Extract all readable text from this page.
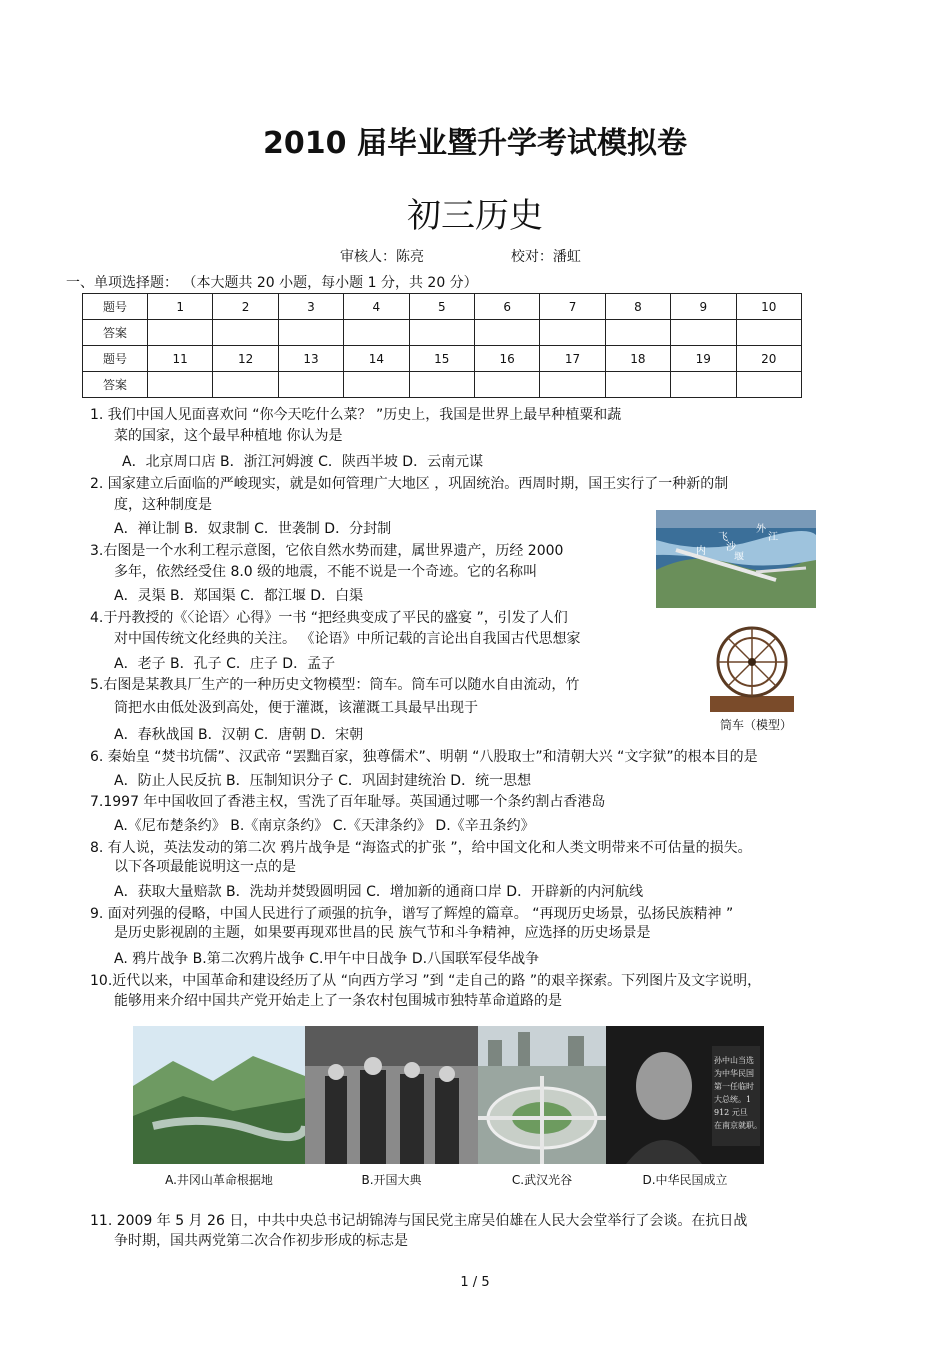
2010 届毕业暨升学考试模拟卷
初三历史
审核人：陈亮	校对：潘虹
一、单项选择题： （本大题共 20 小题，每小题 1 分，共 20 分）
题号	1	2	3	4	5	6	7	8	9	10
答案										
题号	11	12	13	14	15	16	17	18	19	20
答案										
1. 我们中国人见面喜欢问 “你今天吃什么菜？ ”历史上，我国是世界上最早种植粟和蔬
菜的国家，这个最早种植地 你认为是
A．北京周口店 B．浙江河姆渡 C．陕西半坡 D．云南元谋
2. 国家建立后面临的严峻现实，就是如何管理广大地区 ，巩固统治。西周时期，国王实行了一种新的制
度，这种制度是
A．禅让制 B．奴隶制 C．世袭制 D．分封制
3.右图是一个水利工程示意图，它依自然水势而建，属世界遗产，历经 2000
多年，依然经受住 8.0 级的地震，不能不说是一个奇迹。它的名称叫
A．灵渠 B．郑国渠 C．都江堰 D．白渠
4.于丹教授的《〈论语〉心得》一书 “把经典变成了平民的盛宴 ”，引发了人们
对中国传统文化经典的关注。 《论语》中所记载的言论出自我国古代思想家
A．老子 B．孔子 C．庄子 D．孟子
5.右图是某教具厂生产的一种历史文物模型：筒车。筒车可以随水自由流动，竹
筒把水由低处汲到高处，便于灌溉，该灌溉工具最早出现于
A．春秋战国 B．汉朝 C．唐朝 D．宋朝
6. 秦始皇 “焚书坑儒”、汉武帝 “罢黜百家，独尊儒术”、明朝 “八股取士”和清朝大兴 “文字狱”的根本目的是
A．防止人民反抗 B．压制知识分子 C．巩固封建统治 D．统一思想
7.1997 年中国收回了香港主权，雪洗了百年耻辱。英国通过哪一个条约割占香港岛
A.《尼布楚条约》 B.《南京条约》 C.《天津条约》 D.《辛丑条约》
8. 有人说，英法发动的第二次 鸦片战争是 “海盗式的扩张 ”，给中国文化和人类文明带来不可估量的损失。
以下各项最能说明这一点的是
A．获取大量赔款 B．洗劫并焚毁圆明园 C．增加新的通商口岸 D．开辟新的内河航线
9. 面对列强的侵略，中国人民进行了顽强的抗争，谱写了辉煌的篇章。 “再现历史场景，弘扬民族精神 ”
是历史影视剧的主题，如果要再现邓世昌的民 族气节和斗争精神，应选择的历史场景是
A. 鸦片战争 B.第二次鸦片战争 C.甲午中日战争 D.八国联军侵华战争
10.近代以来，中国革命和建设经历了从 “向西方学习 ”到 “走自己的路 ”的艰辛探索。下列图片及文字说明，
能够用来介绍中国共产党开始走上了一条农村包围城市独特革命道路的是
11. 2009 年 5 月 26 日，中共中央总书记胡锦涛与国民党主席吴伯雄在人民大会堂举行了会谈。在抗日战
争时期，国共两党第二次合作初步形成的标志是
内
外
江
飞
沙
堰
筒车（模型）
孙中山当选
为中华民国
第一任临时
大总统。1
912 元旦
在南京就职。
A.井冈山革命根据地	B.开国大典	C.武汉光谷	D.中华民国成立
1 / 5
